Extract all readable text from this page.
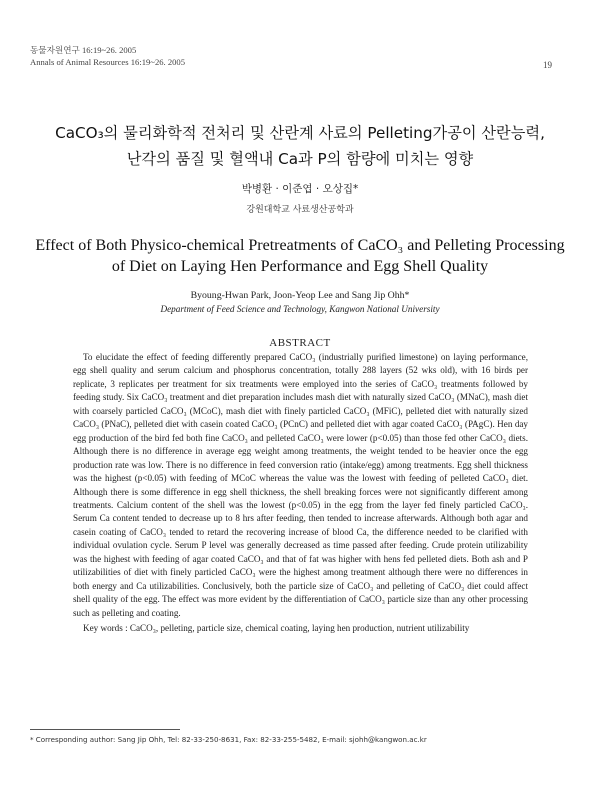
동물자원연구 16:19~26. 2005
Annals of Animal Resources 16:19~26. 2005	19
CaCO₃의 물리화학적 전처리 및 산란계 사료의 Pelleting가공이 산란능력,
난각의 품질 및 혈액내 Ca과 P의 함량에 미치는 영향
박병환 · 이준엽 · 오상집*
강원대학교 사료생산공학과
Effect of Both Physico-chemical Pretreatments of CaCO₃ and Pelleting Processing
of Diet on Laying Hen Performance and Egg Shell Quality
Byoung-Hwan Park, Joon-Yeop Lee and Sang Jip Ohh*
Department of Feed Science and Technology, Kangwon National University
ABSTRACT

To elucidate the effect of feeding differently prepared CaCO₃ (industrially purified limestone) on laying performance, egg shell quality and serum calcium and phosphorus concentration, totally 288 layers (52 wks old), with 16 birds per replicate, 3 replicates per treatment for six treatments were employed into the series of CaCO₃ treatments followed by feeding study. Six CaCO₃ treatment and diet preparation includes mash diet with naturally sized CaCO₃ (MNaC), mash diet with coarsely particled CaCO₃ (MCoC), mash diet with finely particled CaCO₃ (MFiC), pelleted diet with naturally sized CaCO₃ (PNaC), pelleted diet with casein coated CaCO₃ (PCnC) and pelleted diet with agar coated CaCO₃ (PAgC). Hen day egg production of the bird fed both fine CaCO₃ and pelleted CaCO₃ were lower (p<0.05) than those fed other CaCO₃ diets. Although there is no difference in average egg weight among treatments, the weight tended to be heavier once the egg production rate was low. There is no difference in feed conversion ratio (intake/egg) among treatments. Egg shell thickness was the highest (p<0.05) with feeding of MCoC whereas the value was the lowest with feeding of pelleted CaCO₃ diet. Although there is some difference in egg shell thickness, the shell breaking forces were not significantly different among treatments. Calcium content of the shell was the lowest (p<0.05) in the egg from the layer fed finely particled CaCO₃. Serum Ca content tended to decrease up to 8 hrs after feeding, then tended to increase afterwards. Although both agar and casein coating of CaCO₃ tended to retard the recovering increase of blood Ca, the difference needed to be clarified with individual ovulation cycle. Serum P level was generally decreased as time passed after feeding. Crude protein utilizability was the highest with feeding of agar coated CaCO₃ and that of fat was higher with hens fed pelleted diets. Both ash and P utilizabilities of diet with finely particled CaCO₃ were the highest among treatment although there were no differences in both energy and Ca utilizabilities. Conclusively, both the particle size of CaCO₃ and pelleting of CaCO₃ diet could affect shell quality of the egg. The effect was more evident by the differentiation of CaCO₃ particle size than any other processing such as pelleting and coating.

Key words : CaCO₃, pelleting, particle size, chemical coating, laying hen production, nutrient utilizability
* Corresponding author: Sang Jip Ohh, Tel: 82-33-250-8631, Fax: 82-33-255-5482, E-mail: sjohh@kangwon.ac.kr
